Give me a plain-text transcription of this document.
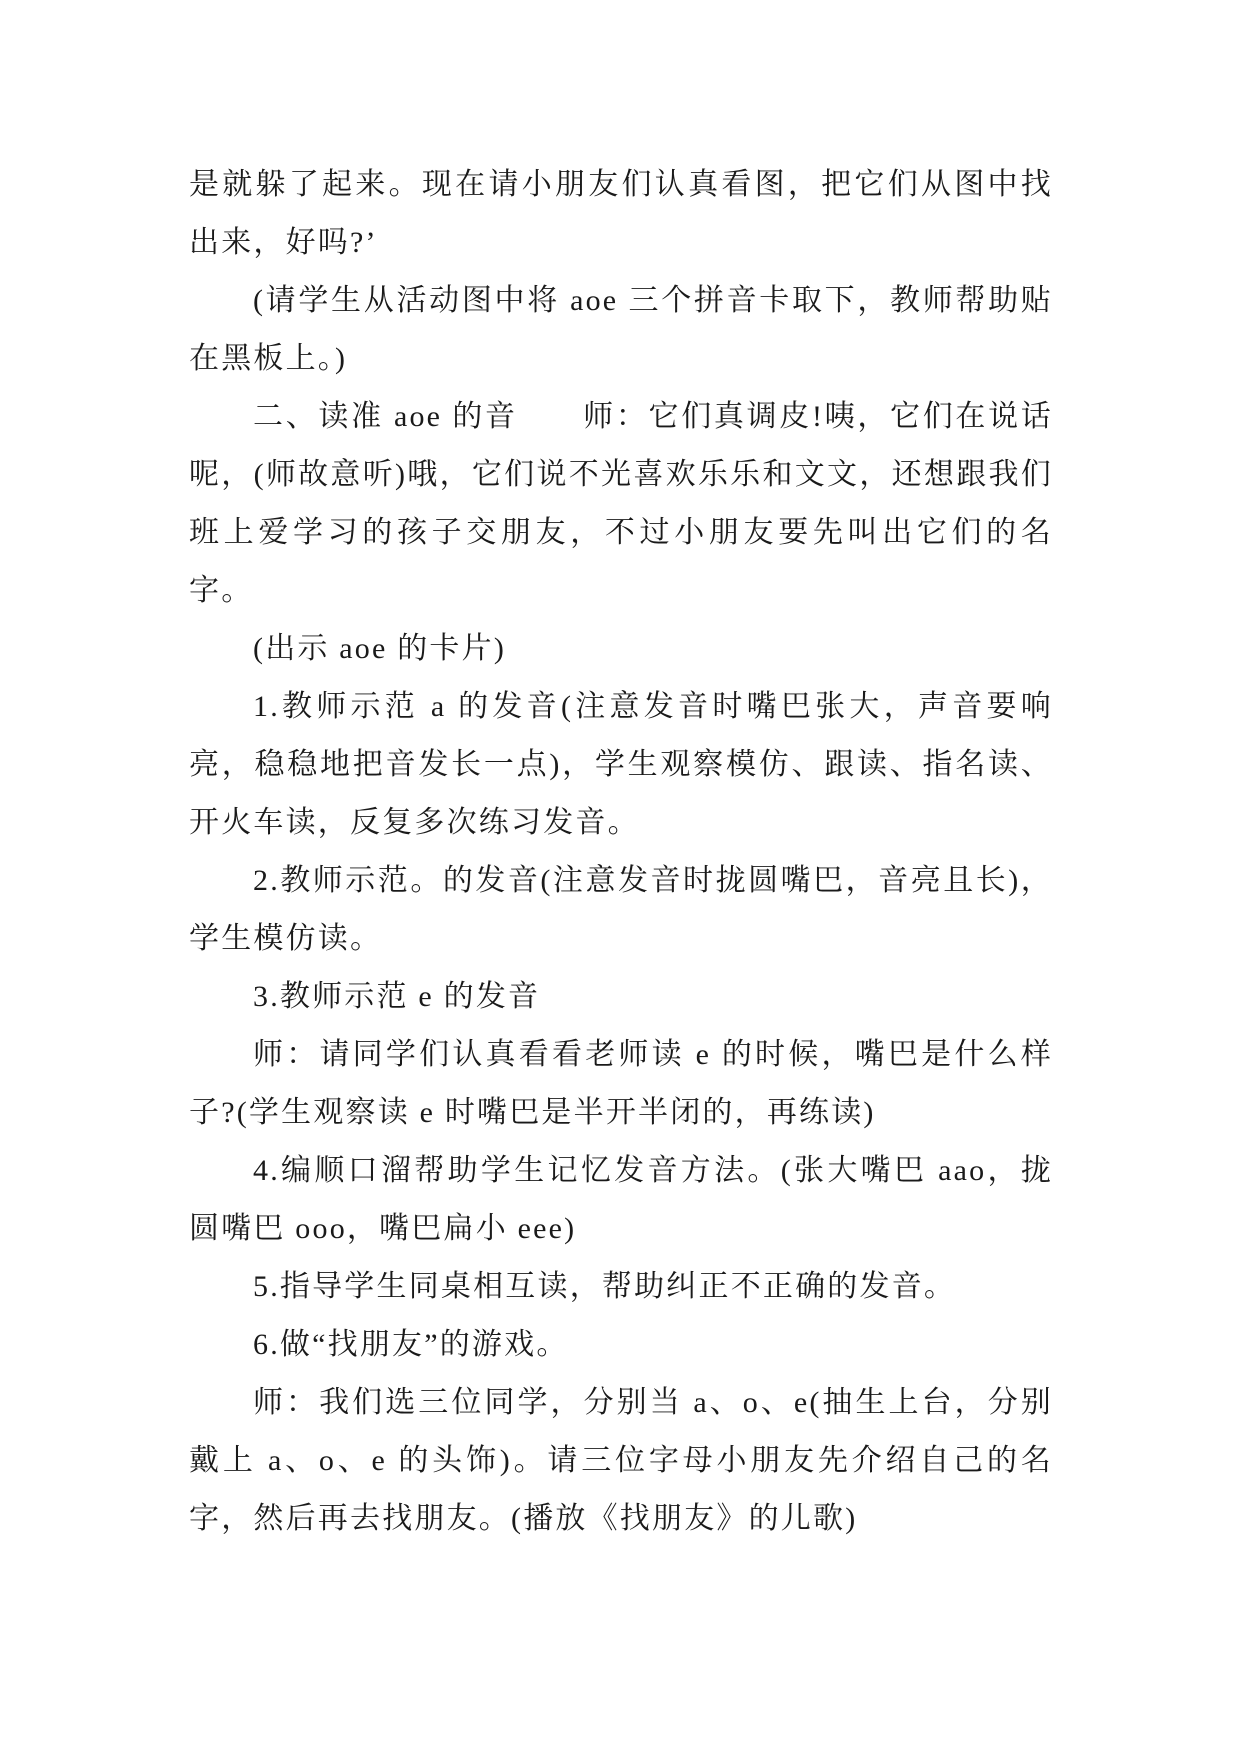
是就躲了起来。现在请小朋友们认真看图，把它们从图中找出来，好吗?’

(请学生从活动图中将 aoe 三个拼音卡取下，教师帮助贴在黑板上。)

二、读准 aoe 的音　　师：它们真调皮!咦，它们在说话呢，(师故意听)哦，它们说不光喜欢乐乐和文文，还想跟我们班上爱学习的孩子交朋友，不过小朋友要先叫出它们的名字。

(出示 aoe 的卡片)

1.教师示范 a 的发音(注意发音时嘴巴张大，声音要响亮，稳稳地把音发长一点)，学生观察模仿、跟读、指名读、开火车读，反复多次练习发音。

2.教师示范。的发音(注意发音时拢圆嘴巴，音亮且长)，学生模仿读。

3.教师示范 e 的发音

师：请同学们认真看看老师读 e 的时候，嘴巴是什么样子?(学生观察读 e 时嘴巴是半开半闭的，再练读)

4.编顺口溜帮助学生记忆发音方法。(张大嘴巴 aao，拢圆嘴巴 ooo，嘴巴扁小 eee)

5.指导学生同桌相互读，帮助纠正不正确的发音。

6.做“找朋友”的游戏。

师：我们选三位同学，分别当 a、o、e(抽生上台，分别戴上 a、o、e 的头饰)。请三位字母小朋友先介绍自己的名字，然后再去找朋友。(播放《找朋友》的儿歌)
